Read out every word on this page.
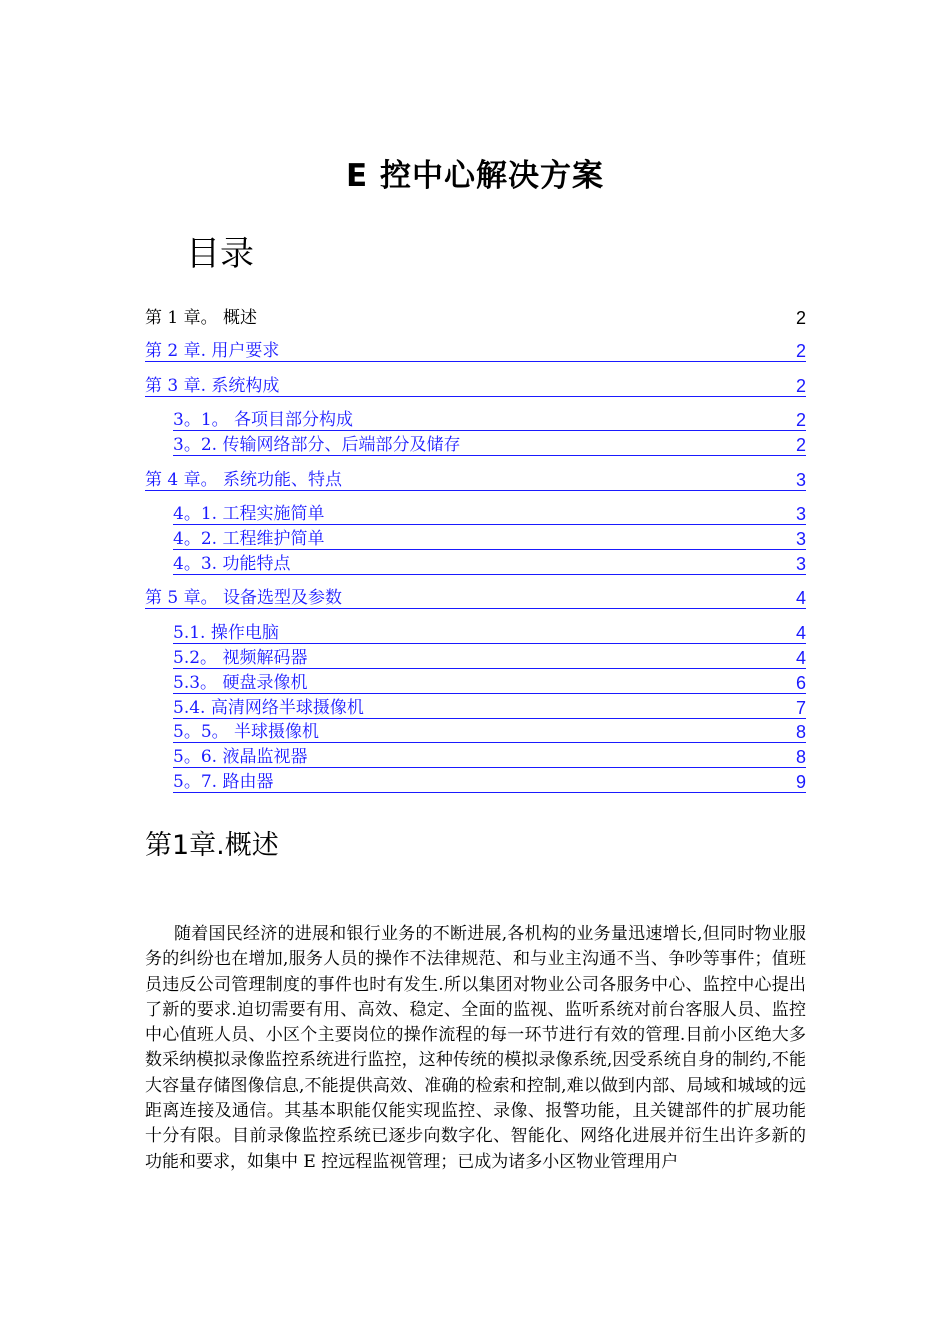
E 控中心解决方案
目录
第 1 章。 概述	2
第 2 章. 用户要求	2
第 3 章. 系统构成	2
3。1。 各项目部分构成	2
3。2. 传输网络部分、后端部分及储存	2
第 4 章。 系统功能、特点	3
4。1. 工程实施简单	3
4。2. 工程维护简单	3
4。3. 功能特点	3
第 5 章。 设备选型及参数	4
5.1. 操作电脑	4
5.2。 视频解码器	4
5.3。 硬盘录像机	6
5.4. 高清网络半球摄像机	7
5。5。 半球摄像机	8
5。6. 液晶监视器	8
5。7. 路由器	9
第1章.概述

随着国民经济的进展和银行业务的不断进展,各机构的业务量迅速增长,但同时物业服务的纠纷也在增加,服务人员的操作不法律规范、和与业主沟通不当、争吵等事件；值班员违反公司管理制度的事件也时有发生.所以集团对物业公司各服务中心、监控中心提出了新的要求.迫切需要有用、高效、稳定、全面的监视、监听系统对前台客服人员、监控中心值班人员、小区个主要岗位的操作流程的每一环节进行有效的管理.目前小区绝大多数采纳模拟录像监控系统进行监控，这种传统的模拟录像系统,因受系统自身的制约,不能大容量存储图像信息,不能提供高效、准确的检索和控制,难以做到内部、局域和城域的远距离连接及通信。其基本职能仅能实现监控、录像、报警功能，且关键部件的扩展功能十分有限。目前录像监控系统已逐步向数字化、智能化、网络化进展并衍生出许多新的功能和要求，如集中 E 控远程监视管理；已成为诸多小区物业管理用户
